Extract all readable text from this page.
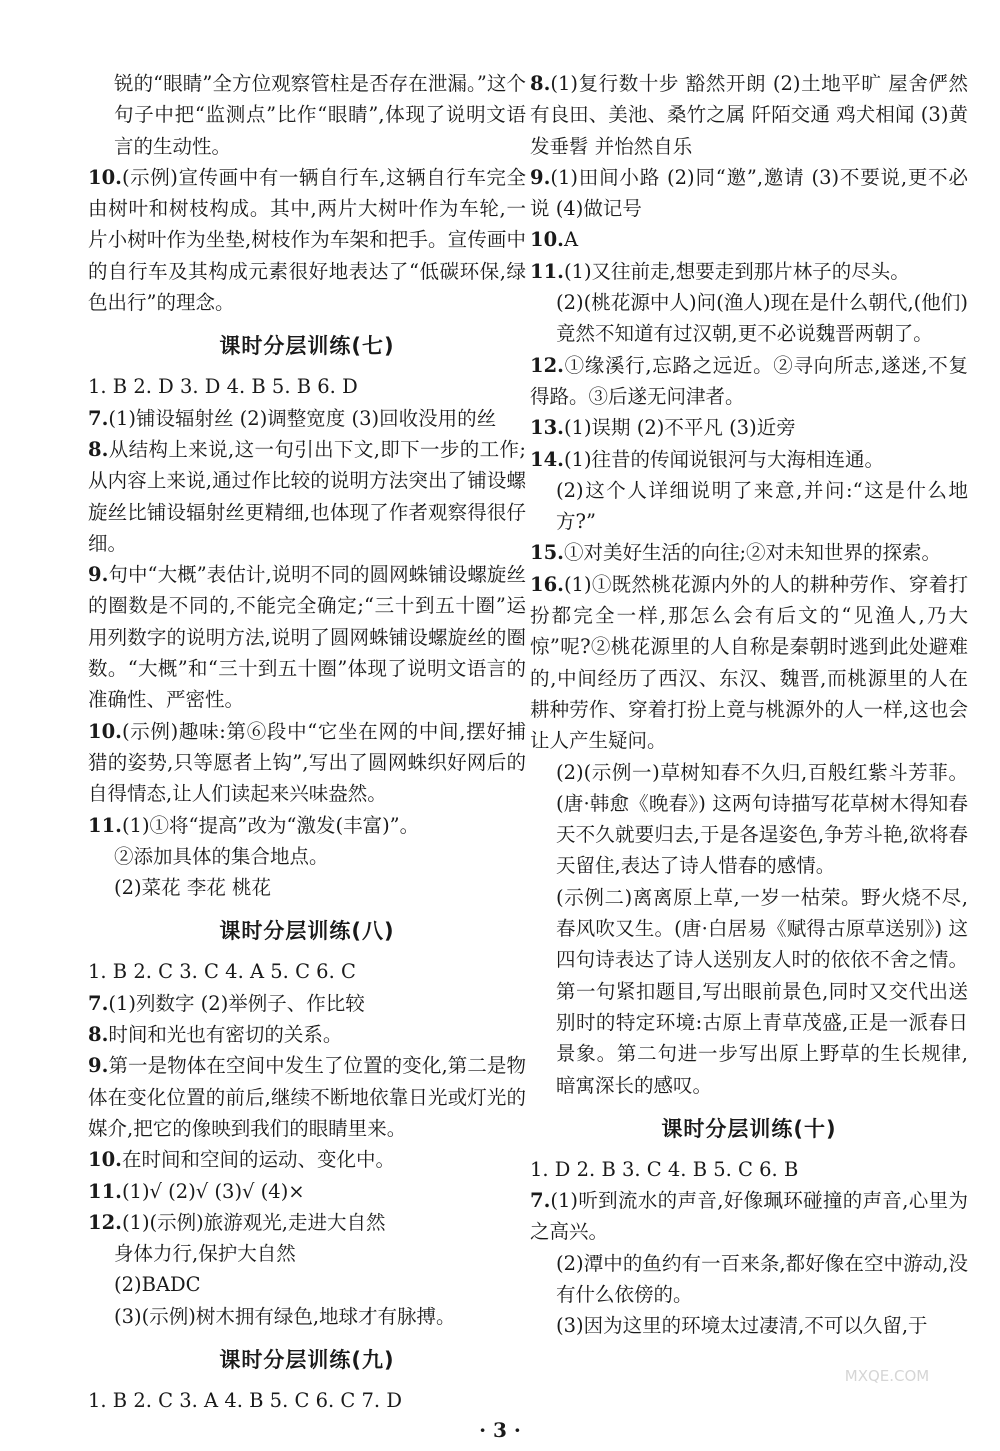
锐的“眼睛”全方位观察管柱是否存在泄漏。”这个句子中把“监测点”比作“眼睛”,体现了说明文语言的生动性。

10.(示例)宣传画中有一辆自行车,这辆自行车完全由树叶和树枝构成。其中,两片大树叶作为车轮,一片小树叶作为坐垫,树枝作为车架和把手。宣传画中的自行车及其构成元素很好地表达了“低碳环保,绿色出行”的理念。

课时分层训练(七)

1. B 2. D 3. D 4. B 5. B 6. D

7.(1)铺设辐射丝 (2)调整宽度 (3)回收没用的丝

8.从结构上来说,这一句引出下文,即下一步的工作;从内容上来说,通过作比较的说明方法突出了铺设螺旋丝比铺设辐射丝更精细,也体现了作者观察得很仔细。

9.句中“大概”表估计,说明不同的圆网蛛铺设螺旋丝的圈数是不同的,不能完全确定;“三十到五十圈”运用列数字的说明方法,说明了圆网蛛铺设螺旋丝的圈数。“大概”和“三十到五十圈”体现了说明文语言的准确性、严密性。

10.(示例)趣味:第⑥段中“它坐在网的中间,摆好捕猎的姿势,只等愿者上钩”,写出了圆网蛛织好网后的自得情态,让人们读起来兴味盎然。

11.(1)①将“提高”改为“激发(丰富)”。

②添加具体的集合地点。

(2)菜花 李花 桃花

课时分层训练(八)

1. B 2. C 3. C 4. A 5. C 6. C

7.(1)列数字 (2)举例子、作比较

8.时间和光也有密切的关系。

9.第一是物体在空间中发生了位置的变化,第二是物体在变化位置的前后,继续不断地依靠日光或灯光的媒介,把它的像映到我们的眼睛里来。

10.在时间和空间的运动、变化中。

11.(1)√ (2)√ (3)√ (4)×

12.(1)(示例)旅游观光,走进大自然

身体力行,保护大自然

(2)BADC

(3)(示例)树木拥有绿色,地球才有脉搏。

课时分层训练(九)

1. B 2. C 3. A 4. B 5. C 6. C 7. D

8.(1)复行数十步 豁然开朗 (2)土地平旷 屋舍俨然 有良田、美池、桑竹之属 阡陌交通 鸡犬相闻 (3)黄发垂髫 并怡然自乐

9.(1)田间小路 (2)同“邀”,邀请 (3)不要说,更不必说 (4)做记号

10.A

11.(1)又往前走,想要走到那片林子的尽头。

(2)(桃花源中人)问(渔人)现在是什么朝代,(他们)竟然不知道有过汉朝,更不必说魏晋两朝了。

12.①缘溪行,忘路之远近。②寻向所志,遂迷,不复得路。③后遂无问津者。

13.(1)误期 (2)不平凡 (3)近旁

14.(1)往昔的传闻说银河与大海相连通。

(2)这个人详细说明了来意,并问:“这是什么地方?”

15.①对美好生活的向往;②对未知世界的探索。

16.(1)①既然桃花源内外的人的耕种劳作、穿着打扮都完全一样,那怎么会有后文的“见渔人,乃大惊”呢?②桃花源里的人自称是秦朝时逃到此处避难的,中间经历了西汉、东汉、魏晋,而桃源里的人在耕种劳作、穿着打扮上竟与桃源外的人一样,这也会让人产生疑问。

(2)(示例一)草树知春不久归,百般红紫斗芳菲。(唐·韩愈《晚春》) 这两句诗描写花草树木得知春天不久就要归去,于是各逞姿色,争芳斗艳,欲将春天留住,表达了诗人惜春的感情。

(示例二)离离原上草,一岁一枯荣。野火烧不尽,春风吹又生。(唐·白居易《赋得古原草送别》) 这四句诗表达了诗人送别友人时的依依不舍之情。第一句紧扣题目,写出眼前景色,同时又交代出送别时的特定环境:古原上青草茂盛,正是一派春日景象。第二句进一步写出原上野草的生长规律,暗寓深长的感叹。

课时分层训练(十)

1. D 2. B 3. C 4. B 5. C 6. B

7.(1)听到流水的声音,好像珮环碰撞的声音,心里为之高兴。

(2)潭中的鱼约有一百来条,都好像在空中游动,没有什么依傍的。

(3)因为这里的环境太过凄清,不可以久留,于

· 3 ·
MXQE.COM
